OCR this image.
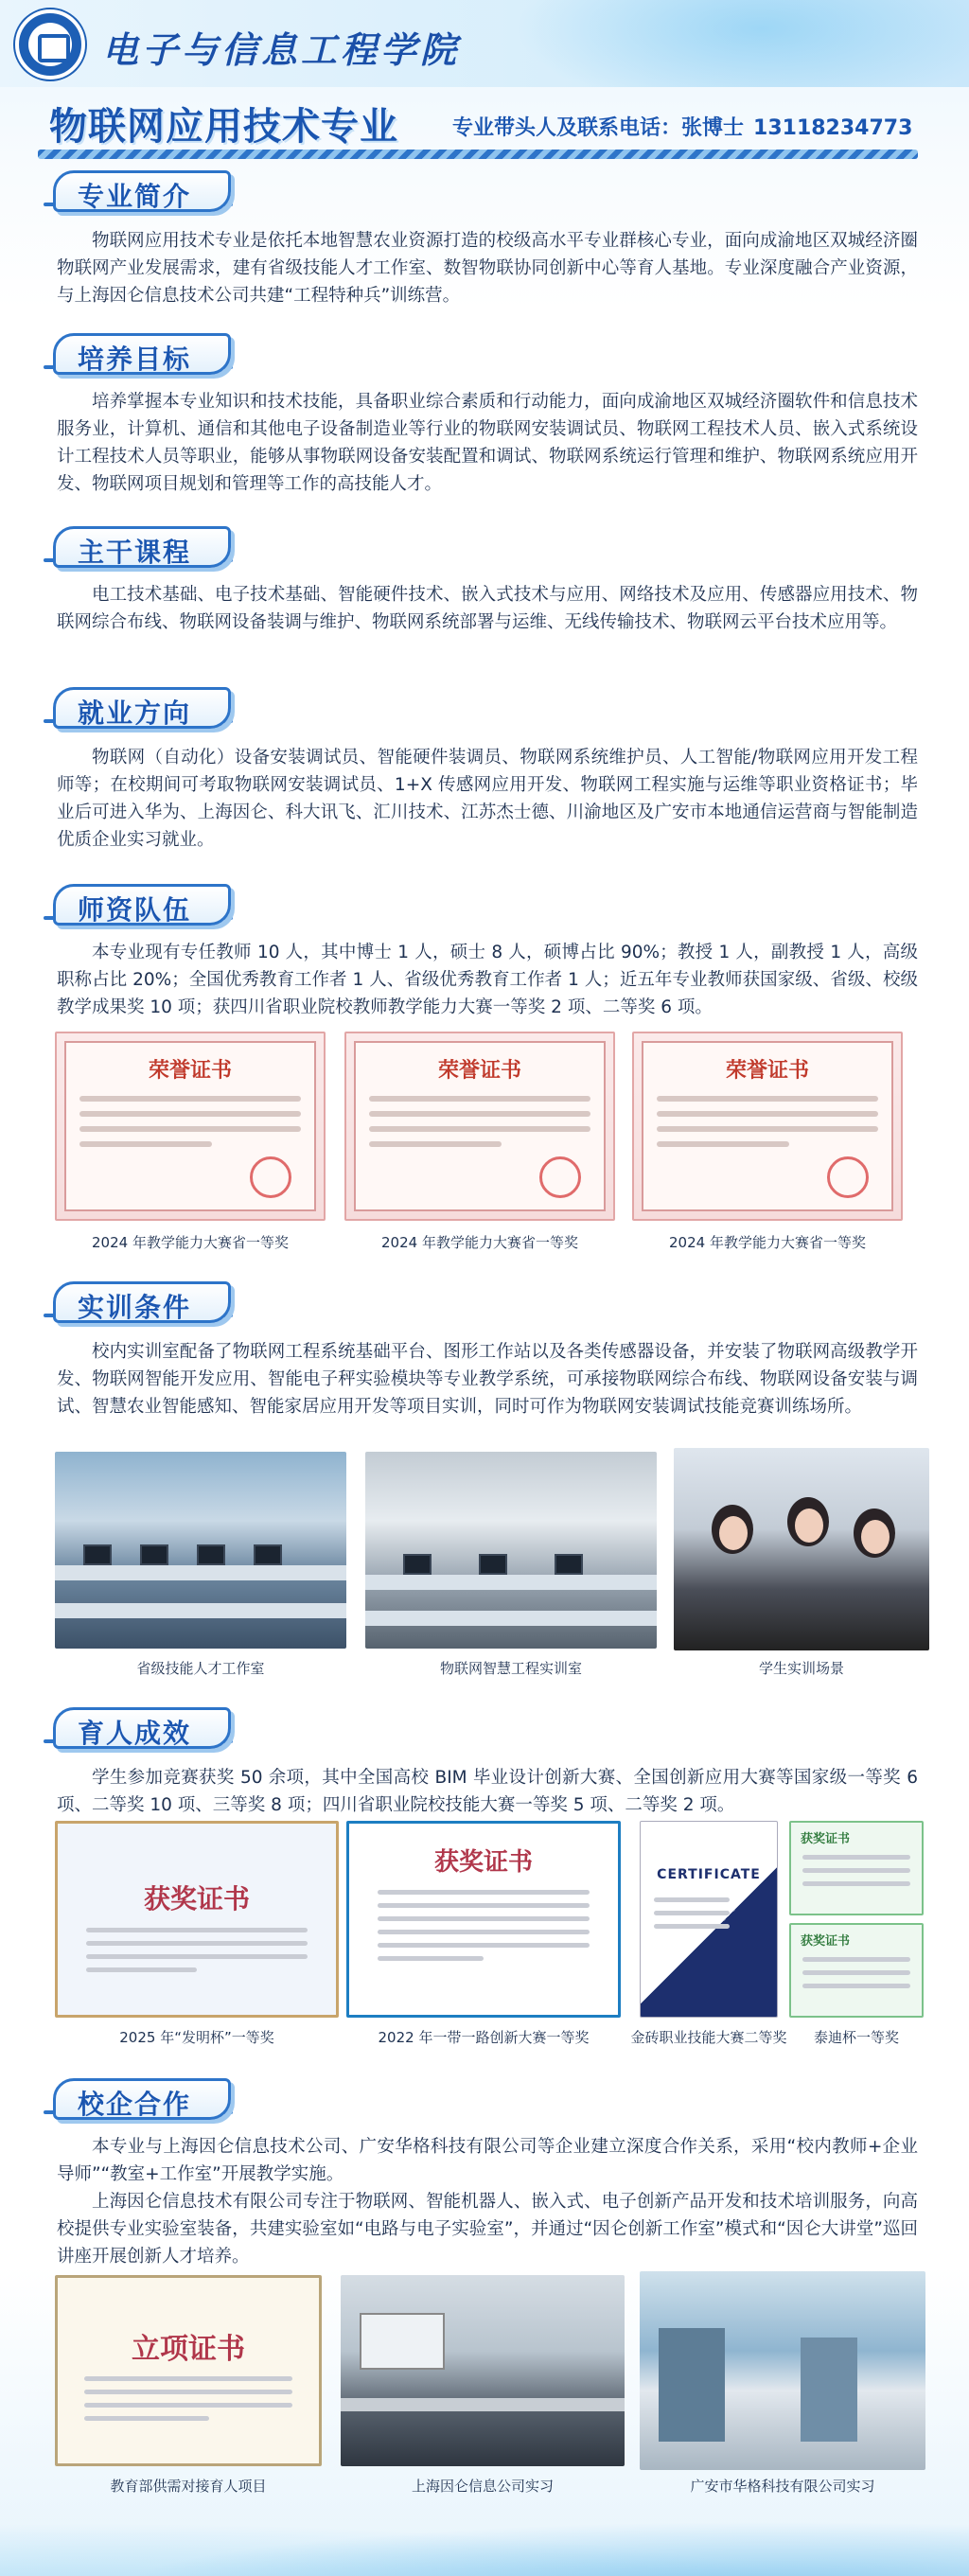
电子与信息工程学院
物联网应用技术专业	专业带头人及联系电话：张博士 13118234773
专业简介

物联网应用技术专业是依托本地智慧农业资源打造的校级高水平专业群核心专业，面向成渝地区双城经济圈物联网产业发展需求，建有省级技能人才工作室、数智物联协同创新中心等育人基地。专业深度融合产业资源，与上海因仑信息技术公司共建“工程特种兵”训练营。

培养目标

培养掌握本专业知识和技术技能，具备职业综合素质和行动能力，面向成渝地区双城经济圈软件和信息技术服务业，计算机、通信和其他电子设备制造业等行业的物联网安装调试员、物联网工程技术人员、嵌入式系统设计工程技术人员等职业，能够从事物联网设备安装配置和调试、物联网系统运行管理和维护、物联网系统应用开发、物联网项目规划和管理等工作的高技能人才。

主干课程

电工技术基础、电子技术基础、智能硬件技术、嵌入式技术与应用、网络技术及应用、传感器应用技术、物联网综合布线、物联网设备装调与维护、物联网系统部署与运维、无线传输技术、物联网云平台技术应用等。

就业方向

物联网（自动化）设备安装调试员、智能硬件装调员、物联网系统维护员、人工智能/物联网应用开发工程师等；在校期间可考取物联网安装调试员、1+X 传感网应用开发、物联网工程实施与运维等职业资格证书；毕业后可进入华为、上海因仑、科大讯飞、汇川技术、江苏杰士德、川渝地区及广安市本地通信运营商与智能制造优质企业实习就业。

师资队伍

本专业现有专任教师 10 人，其中博士 1 人，硕士 8 人，硕博占比 90%；教授 1 人，副教授 1 人，高级职称占比 20%；全国优秀教育工作者 1 人、省级优秀教育工作者 1 人；近五年专业教师获国家级、省级、校级教学成果奖 10 项；获四川省职业院校教师教学能力大赛一等奖 2 项、二等奖 6 项。

荣誉证书	荣誉证书	荣誉证书
2024 年教学能力大赛省一等奖	2024 年教学能力大赛省一等奖	2024 年教学能力大赛省一等奖
实训条件

校内实训室配备了物联网工程系统基础平台、图形工作站以及各类传感器设备，并安装了物联网高级教学开发、物联网智能开发应用、智能电子秤实验模块等专业教学系统，可承接物联网综合布线、物联网设备安装与调试、智慧农业智能感知、智能家居应用开发等项目实训，同时可作为物联网安装调试技能竞赛训练场所。

省级技能人才工作室	物联网智慧工程实训室	学生实训场景
育人成效

学生参加竞赛获奖 50 余项，其中全国高校 BIM 毕业设计创新大赛、全国创新应用大赛等国家级一等奖 6 项、二等奖 10 项、三等奖 8 项；四川省职业院校技能大赛一等奖 5 项、二等奖 2 项。

获奖证书
获奖证书	CERTIFICATE
获奖证书
获奖证书
2025 年“发明杯”一等奖	2022 年一带一路创新大赛一等奖	金砖职业技能大赛二等奖	泰迪杯一等奖
校企合作

本专业与上海因仑信息技术公司、广安华格科技有限公司等企业建立深度合作关系，采用“校内教师+企业导师”“教室+工作室”开展教学实施。

上海因仑信息技术有限公司专注于物联网、智能机器人、嵌入式、电子创新产品开发和技术培训服务，向高校提供专业实验室装备，共建实验室如“电路与电子实验室”，并通过“因仑创新工作室”模式和“因仑大讲堂”巡回讲座开展创新人才培养。

立项证书
教育部供需对接育人项目	上海因仑信息公司实习	广安市华格科技有限公司实习
